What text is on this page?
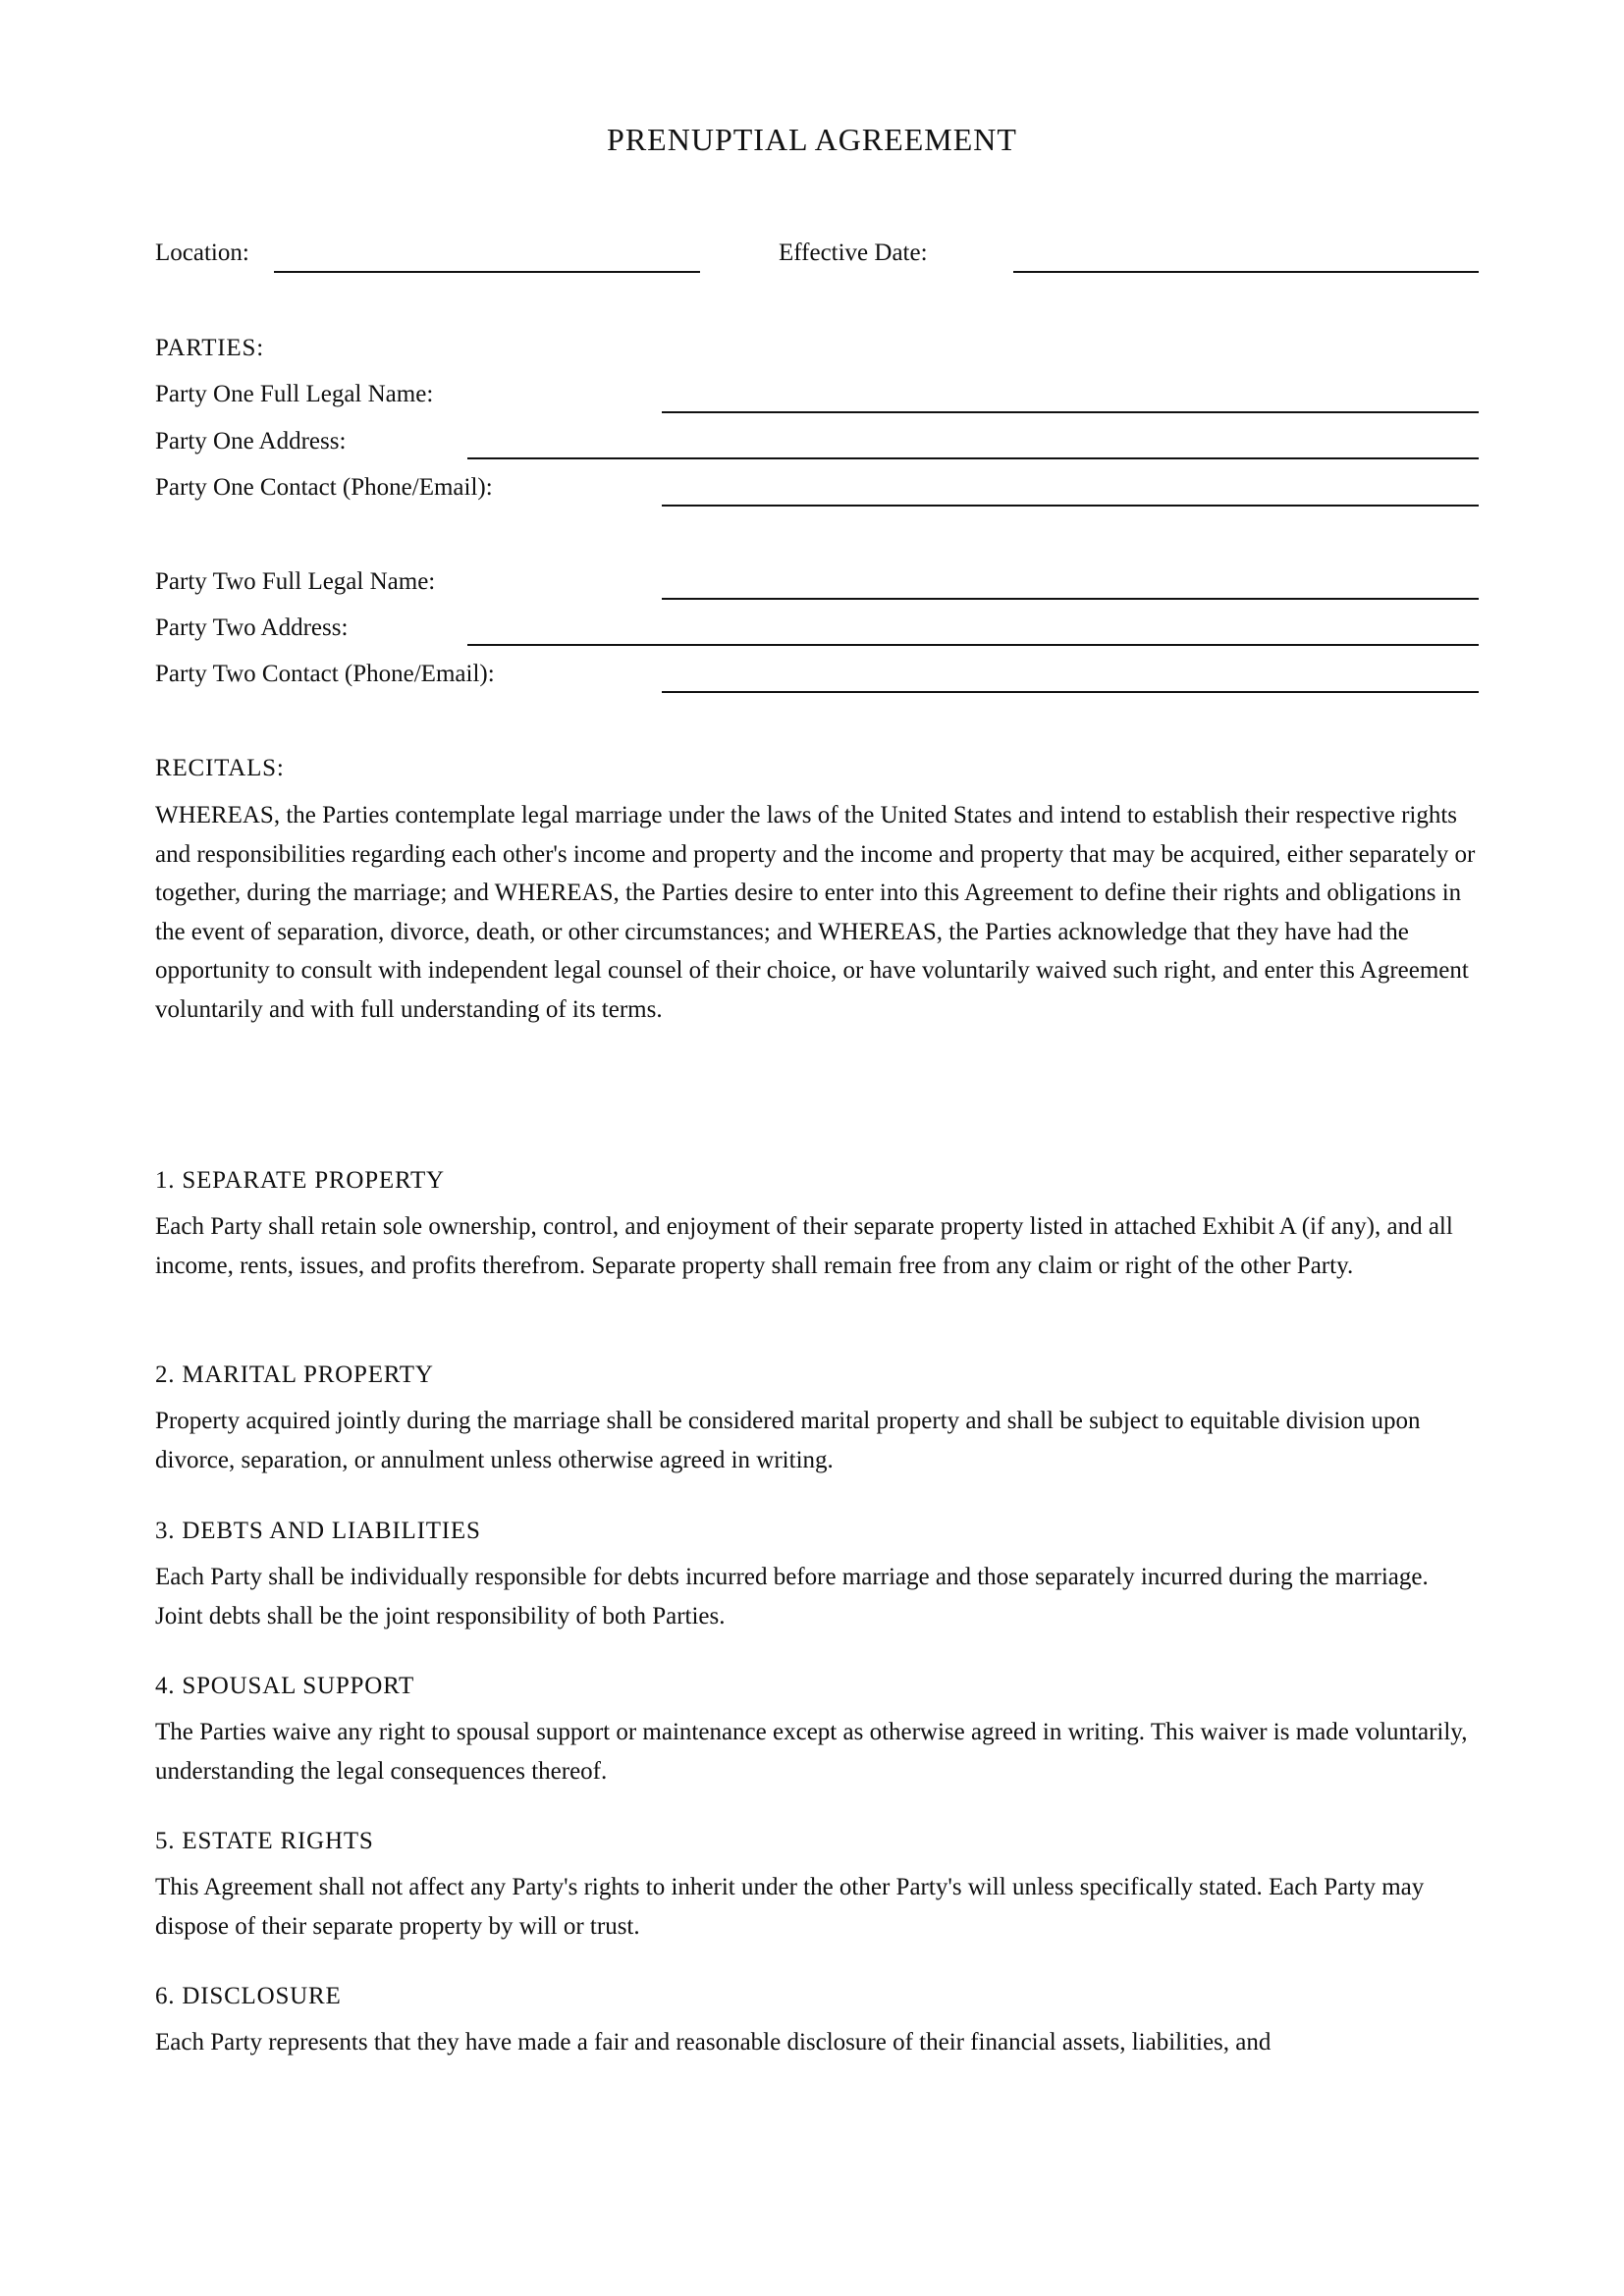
PRENUPTIAL AGREEMENT
Location:	Effective Date:
PARTIES:
Party One Full Legal Name:
Party One Address:
Party One Contact (Phone/Email):
Party Two Full Legal Name:
Party Two Address:
Party Two Contact (Phone/Email):
RECITALS:
WHEREAS, the Parties contemplate legal marriage under the laws of the United States and intend to establish their respective rights and responsibilities regarding each other's income and property and the income and property that may be acquired, either separately or together, during the marriage; and WHEREAS, the Parties desire to enter into this Agreement to define their rights and obligations in the event of separation, divorce, death, or other circumstances; and WHEREAS, the Parties acknowledge that they have had the opportunity to consult with independent legal counsel of their choice, or have voluntarily waived such right, and enter this Agreement voluntarily and with full understanding of its terms.
1. SEPARATE PROPERTY
Each Party shall retain sole ownership, control, and enjoyment of their separate property listed in attached Exhibit A (if any), and all income, rents, issues, and profits therefrom. Separate property shall remain free from any claim or right of the other Party.
2. MARITAL PROPERTY
Property acquired jointly during the marriage shall be considered marital property and shall be subject to equitable division upon divorce, separation, or annulment unless otherwise agreed in writing.
3. DEBTS AND LIABILITIES
Each Party shall be individually responsible for debts incurred before marriage and those separately incurred during the marriage. Joint debts shall be the joint responsibility of both Parties.
4. SPOUSAL SUPPORT
The Parties waive any right to spousal support or maintenance except as otherwise agreed in writing. This waiver is made voluntarily, understanding the legal consequences thereof.
5. ESTATE RIGHTS
This Agreement shall not affect any Party's rights to inherit under the other Party's will unless specifically stated. Each Party may dispose of their separate property by will or trust.
6. DISCLOSURE
Each Party represents that they have made a fair and reasonable disclosure of their financial assets, liabilities, and
